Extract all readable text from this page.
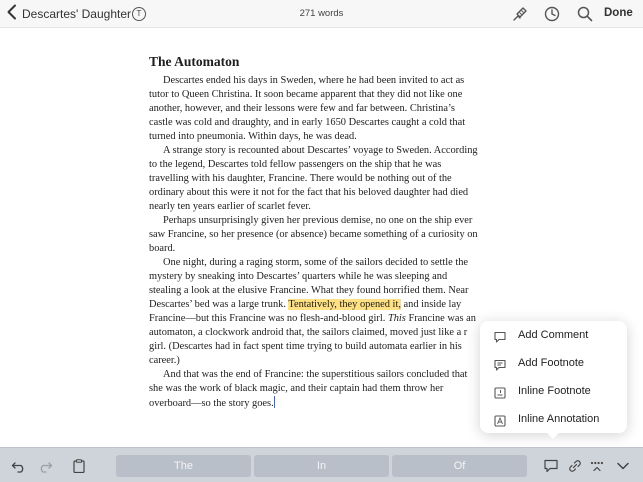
Descartes' Daughter T	271 words	Done
The Automaton

Descartes ended his days in Sweden, where he had been invited to act as
tutor to Queen Christina. It soon became apparent that they did not like one
another, however, and their lessons were few and far between. Christina’s
castle was cold and draughty, and in early 1650 Descartes caught a cold that
turned into pneumonia. Within days, he was dead.

A strange story is recounted about Descartes’ voyage to Sweden. According
to the legend, Descartes told fellow passengers on the ship that he was
travelling with his daughter, Francine. There would be nothing out of the
ordinary about this were it not for the fact that his beloved daughter had died
nearly ten years earlier of scarlet fever.

Perhaps unsurprisingly given her previous demise, no one on the ship ever
saw Francine, so her presence (or absence) became something of a curiosity on
board.

One night, during a raging storm, some of the sailors decided to settle the
mystery by sneaking into Descartes’ quarters while he was sleeping and
stealing a look at the elusive Francine. What they found horrified them. Near
Descartes’ bed was a large trunk. Tentatively, they opened it, and inside lay
Francine—but this Francine was no flesh-and-blood girl. This Francine was an
automaton, a clockwork android that, the sailors claimed, moved just like a r
girl. (Descartes had in fact spent time trying to build automata earlier in his
career.)

And that was the end of Francine: the superstitious sailors concluded that
she was the work of black magic, and their captain had them throw her
overboard—so the story goes.

Add Comment
Add Footnote
Inline Footnote
Inline Annotation
The	In	Of
